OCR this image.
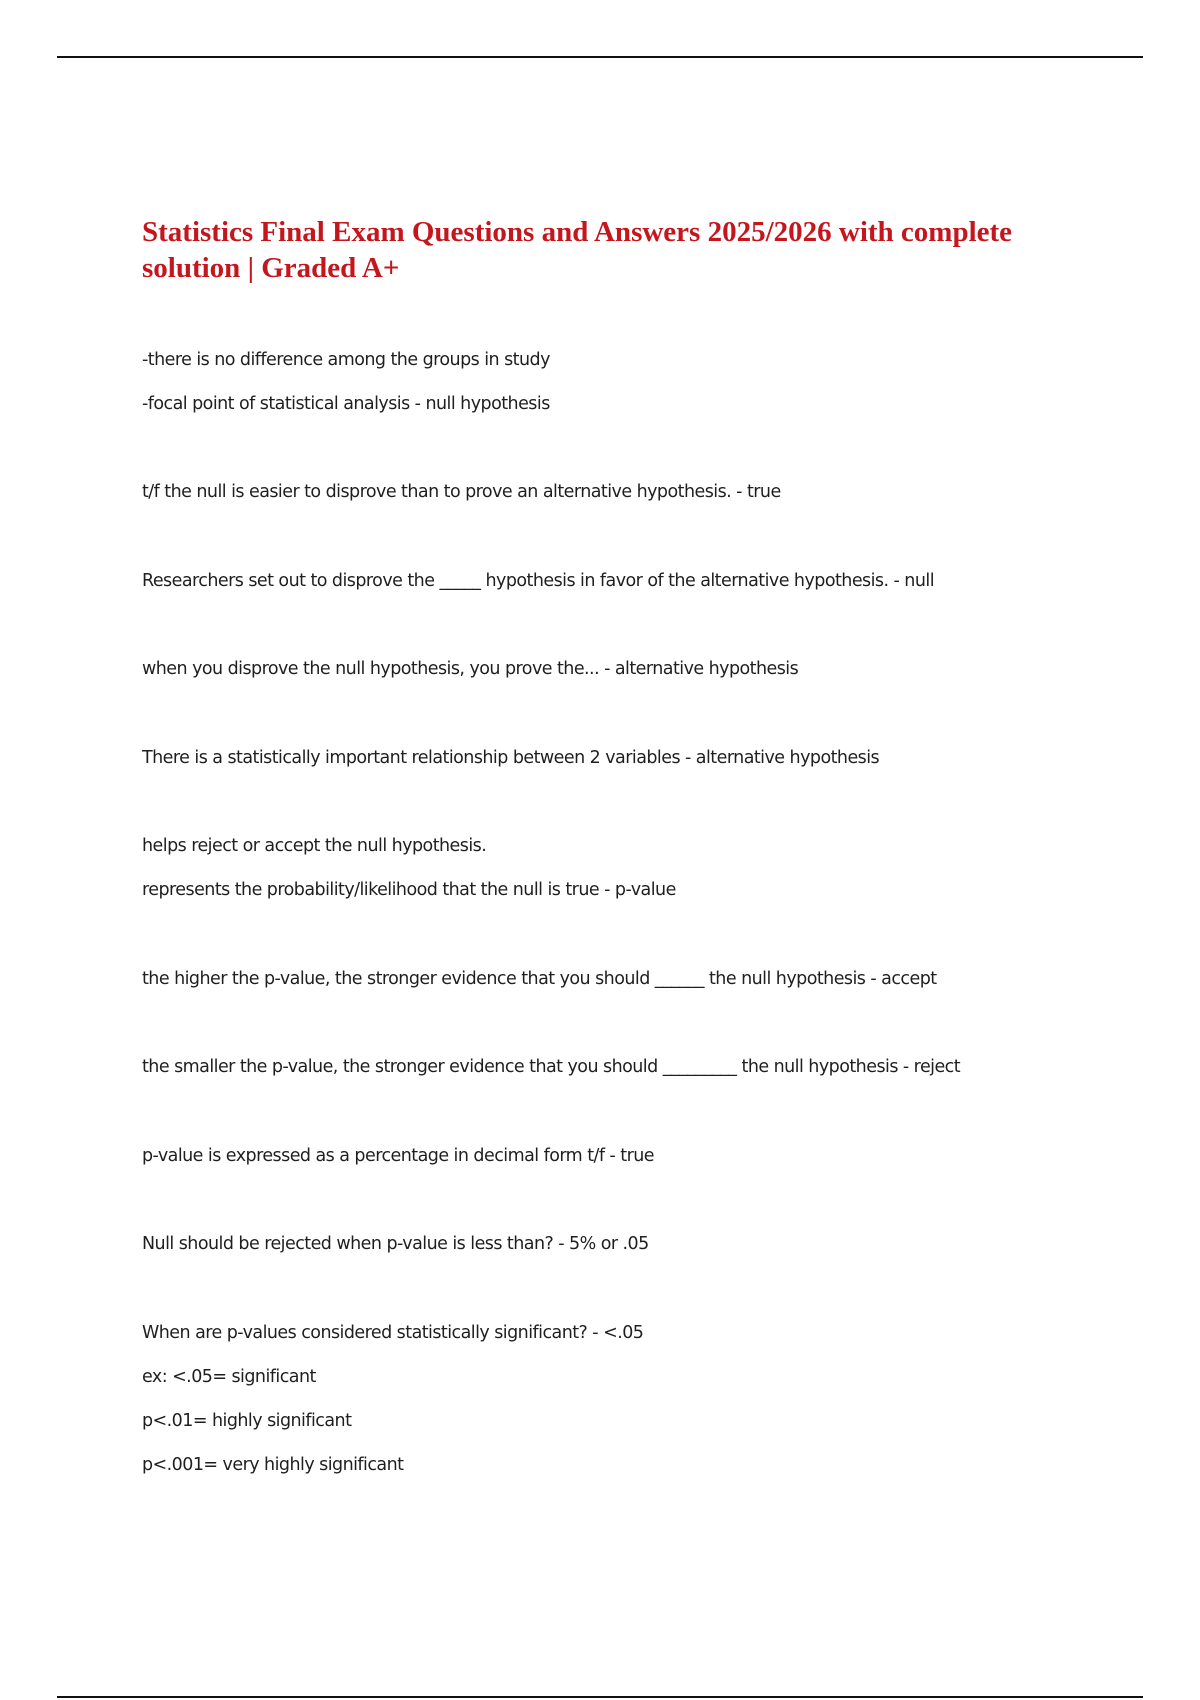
Statistics Final Exam Questions and Answers 2025/2026 with complete solution | Graded A+

-there is no difference among the groups in study

-focal point of statistical analysis - null hypothesis

t/f the null is easier to disprove than to prove an alternative hypothesis. - true

Researchers set out to disprove the _____ hypothesis in favor of the alternative hypothesis. - null

when you disprove the null hypothesis, you prove the... - alternative hypothesis

There is a statistically important relationship between 2 variables - alternative hypothesis

helps reject or accept the null hypothesis.

represents the probability/likelihood that the null is true - p-value

the higher the p-value, the stronger evidence that you should ______ the null hypothesis - accept

the smaller the p-value, the stronger evidence that you should _________ the null hypothesis - reject

p-value is expressed as a percentage in decimal form t/f - true

Null should be rejected when p-value is less than? - 5% or .05

When are p-values considered statistically significant? - <.05

ex: <.05= significant

p<.01= highly significant

p<.001= very highly significant
